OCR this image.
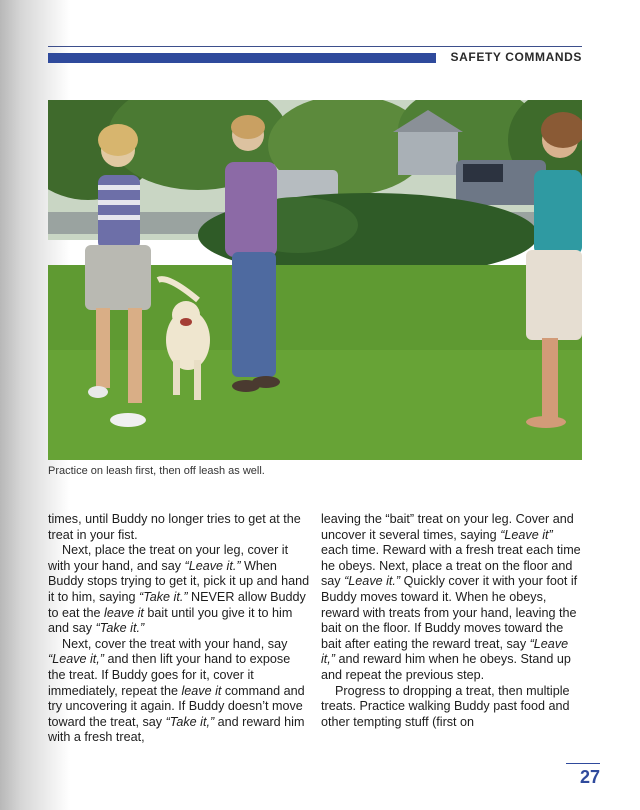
SAFETY COMMANDS
Practice on leash first, then off leash as well.

times, until Buddy no longer tries to get at the treat in your fist.

Next, place the treat on your leg, cover it with your hand, and say “Leave it.” When Buddy stops trying to get it, pick it up and hand it to him, saying “Take it.” NEVER allow Buddy to eat the leave it bait until you give it to him and say “Take it.”

Next, cover the treat with your hand, say “Leave it,” and then lift your hand to expose the treat. If Buddy goes for it, cover it immediately, repeat the leave it command and try uncovering it again. If Buddy doesn’t move toward the treat, say “Take it,” and reward him with a fresh treat,

leaving the “bait” treat on your leg. Cover and uncover it several times, saying “Leave it” each time. Reward with a fresh treat each time he obeys. Next, place a treat on the floor and say “Leave it.” Quickly cover it with your foot if Buddy moves toward it. When he obeys, reward with treats from your hand, leaving the bait on the floor. If Buddy moves toward the bait after eating the reward treat, say “Leave it,” and reward him when he obeys. Stand up and repeat the previous step.

Progress to dropping a treat, then multiple treats. Practice walking Buddy past food and other tempting stuff (first on

27
